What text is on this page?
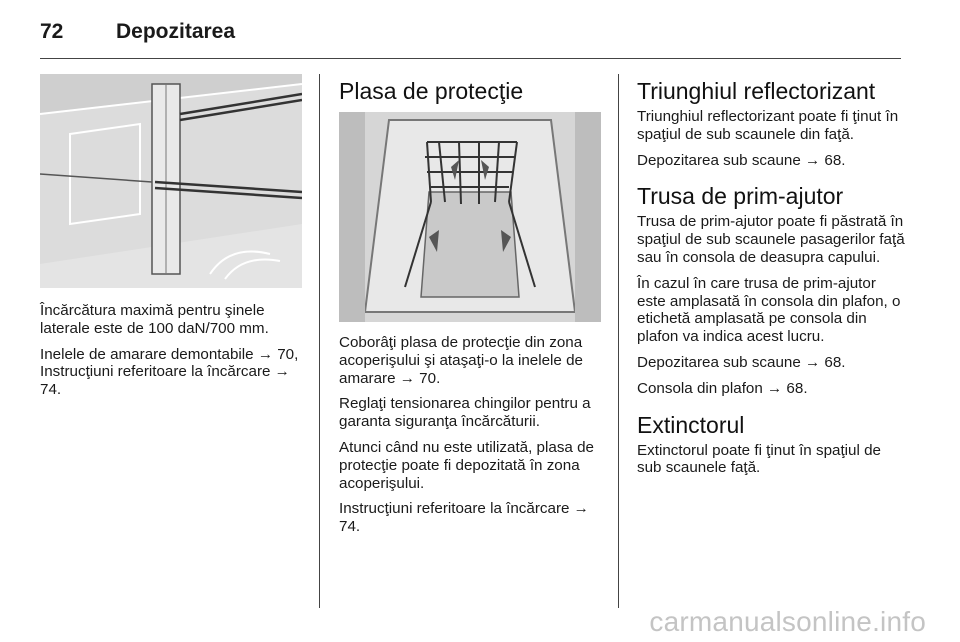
72	Depozitarea

Încărcătura maximă pentru şinele laterale este de 100 daN/700 mm.

Inelele de amarare demontabile → 70, Instrucţiuni referitoare la încărcare → 74.

Plasa de protecţie

Coborâţi plasa de protecţie din zona acoperişului şi ataşaţi-o la inelele de amarare → 70.

Reglaţi tensionarea chingilor pentru a garanta siguranţa încărcăturii.

Atunci când nu este utilizată, plasa de protecţie poate fi depozitată în zona acoperişului.

Instrucţiuni referitoare la încărcare → 74.

Triunghiul reflectorizant

Triunghiul reflectorizant poate fi ţinut în spaţiul de sub scaunele din faţă.

Depozitarea sub scaune → 68.

Trusa de prim-ajutor

Trusa de prim-ajutor poate fi păstrată în spaţiul de sub scaunele pasagerilor faţă sau în consola de deasupra capului.

În cazul în care trusa de prim-ajutor este amplasată în consola din plafon, o etichetă amplasată pe consola din plafon va indica acest lucru.

Depozitarea sub scaune → 68.

Consola din plafon → 68.

Extinctorul

Extinctorul poate fi ţinut în spaţiul de sub scaunele faţă.

carmanualsonline.info
